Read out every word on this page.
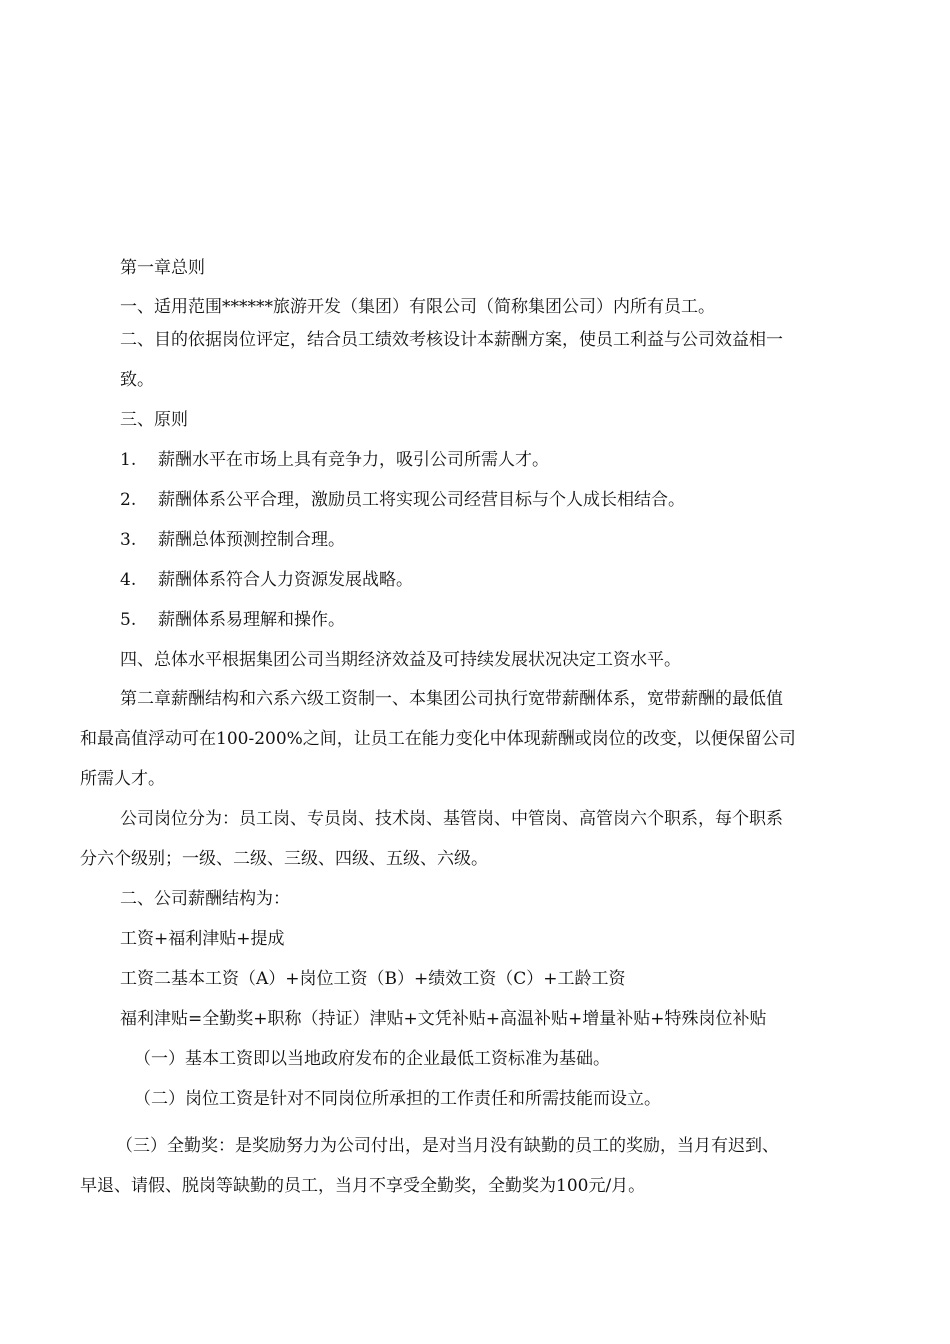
第一章总则
一、适用范围******旅游开发（集团）有限公司（简称集团公司）内所有员工。
二、目的依据岗位评定，结合员工绩效考核设计本薪酬方案，使员工利益与公司效益相一
致。
三、原则
1. 薪酬水平在市场上具有竞争力，吸引公司所需人才。
2. 薪酬体系公平合理，激励员工将实现公司经营目标与个人成长相结合。
3. 薪酬总体预测控制合理。
4. 薪酬体系符合人力资源发展战略。
5. 薪酬体系易理解和操作。
四、总体水平根据集团公司当期经济效益及可持续发展状况决定工资水平。
第二章薪酬结构和六系六级工资制一、本集团公司执行宽带薪酬体系，宽带薪酬的最低值
和最高值浮动可在100-200%之间，让员工在能力变化中体现薪酬或岗位的改变，以便保留公司
所需人才。
公司岗位分为：员工岗、专员岗、技术岗、基管岗、中管岗、高管岗六个职系，每个职系
分六个级别；一级、二级、三级、四级、五级、六级。
二、公司薪酬结构为：
工资+福利津贴+提成
工资二基本工资（A）+岗位工资（B）+绩效工资（C）+工龄工资
福利津贴=全勤奖+职称（持证）津贴+文凭补贴+高温补贴+增量补贴+特殊岗位补贴
（一）基本工资即以当地政府发布的企业最低工资标准为基础。
（二）岗位工资是针对不同岗位所承担的工作责任和所需技能而设立。
（三）全勤奖：是奖励努力为公司付出，是对当月没有缺勤的员工的奖励，当月有迟到、
早退、请假、脱岗等缺勤的员工，当月不享受全勤奖，全勤奖为100元/月。
